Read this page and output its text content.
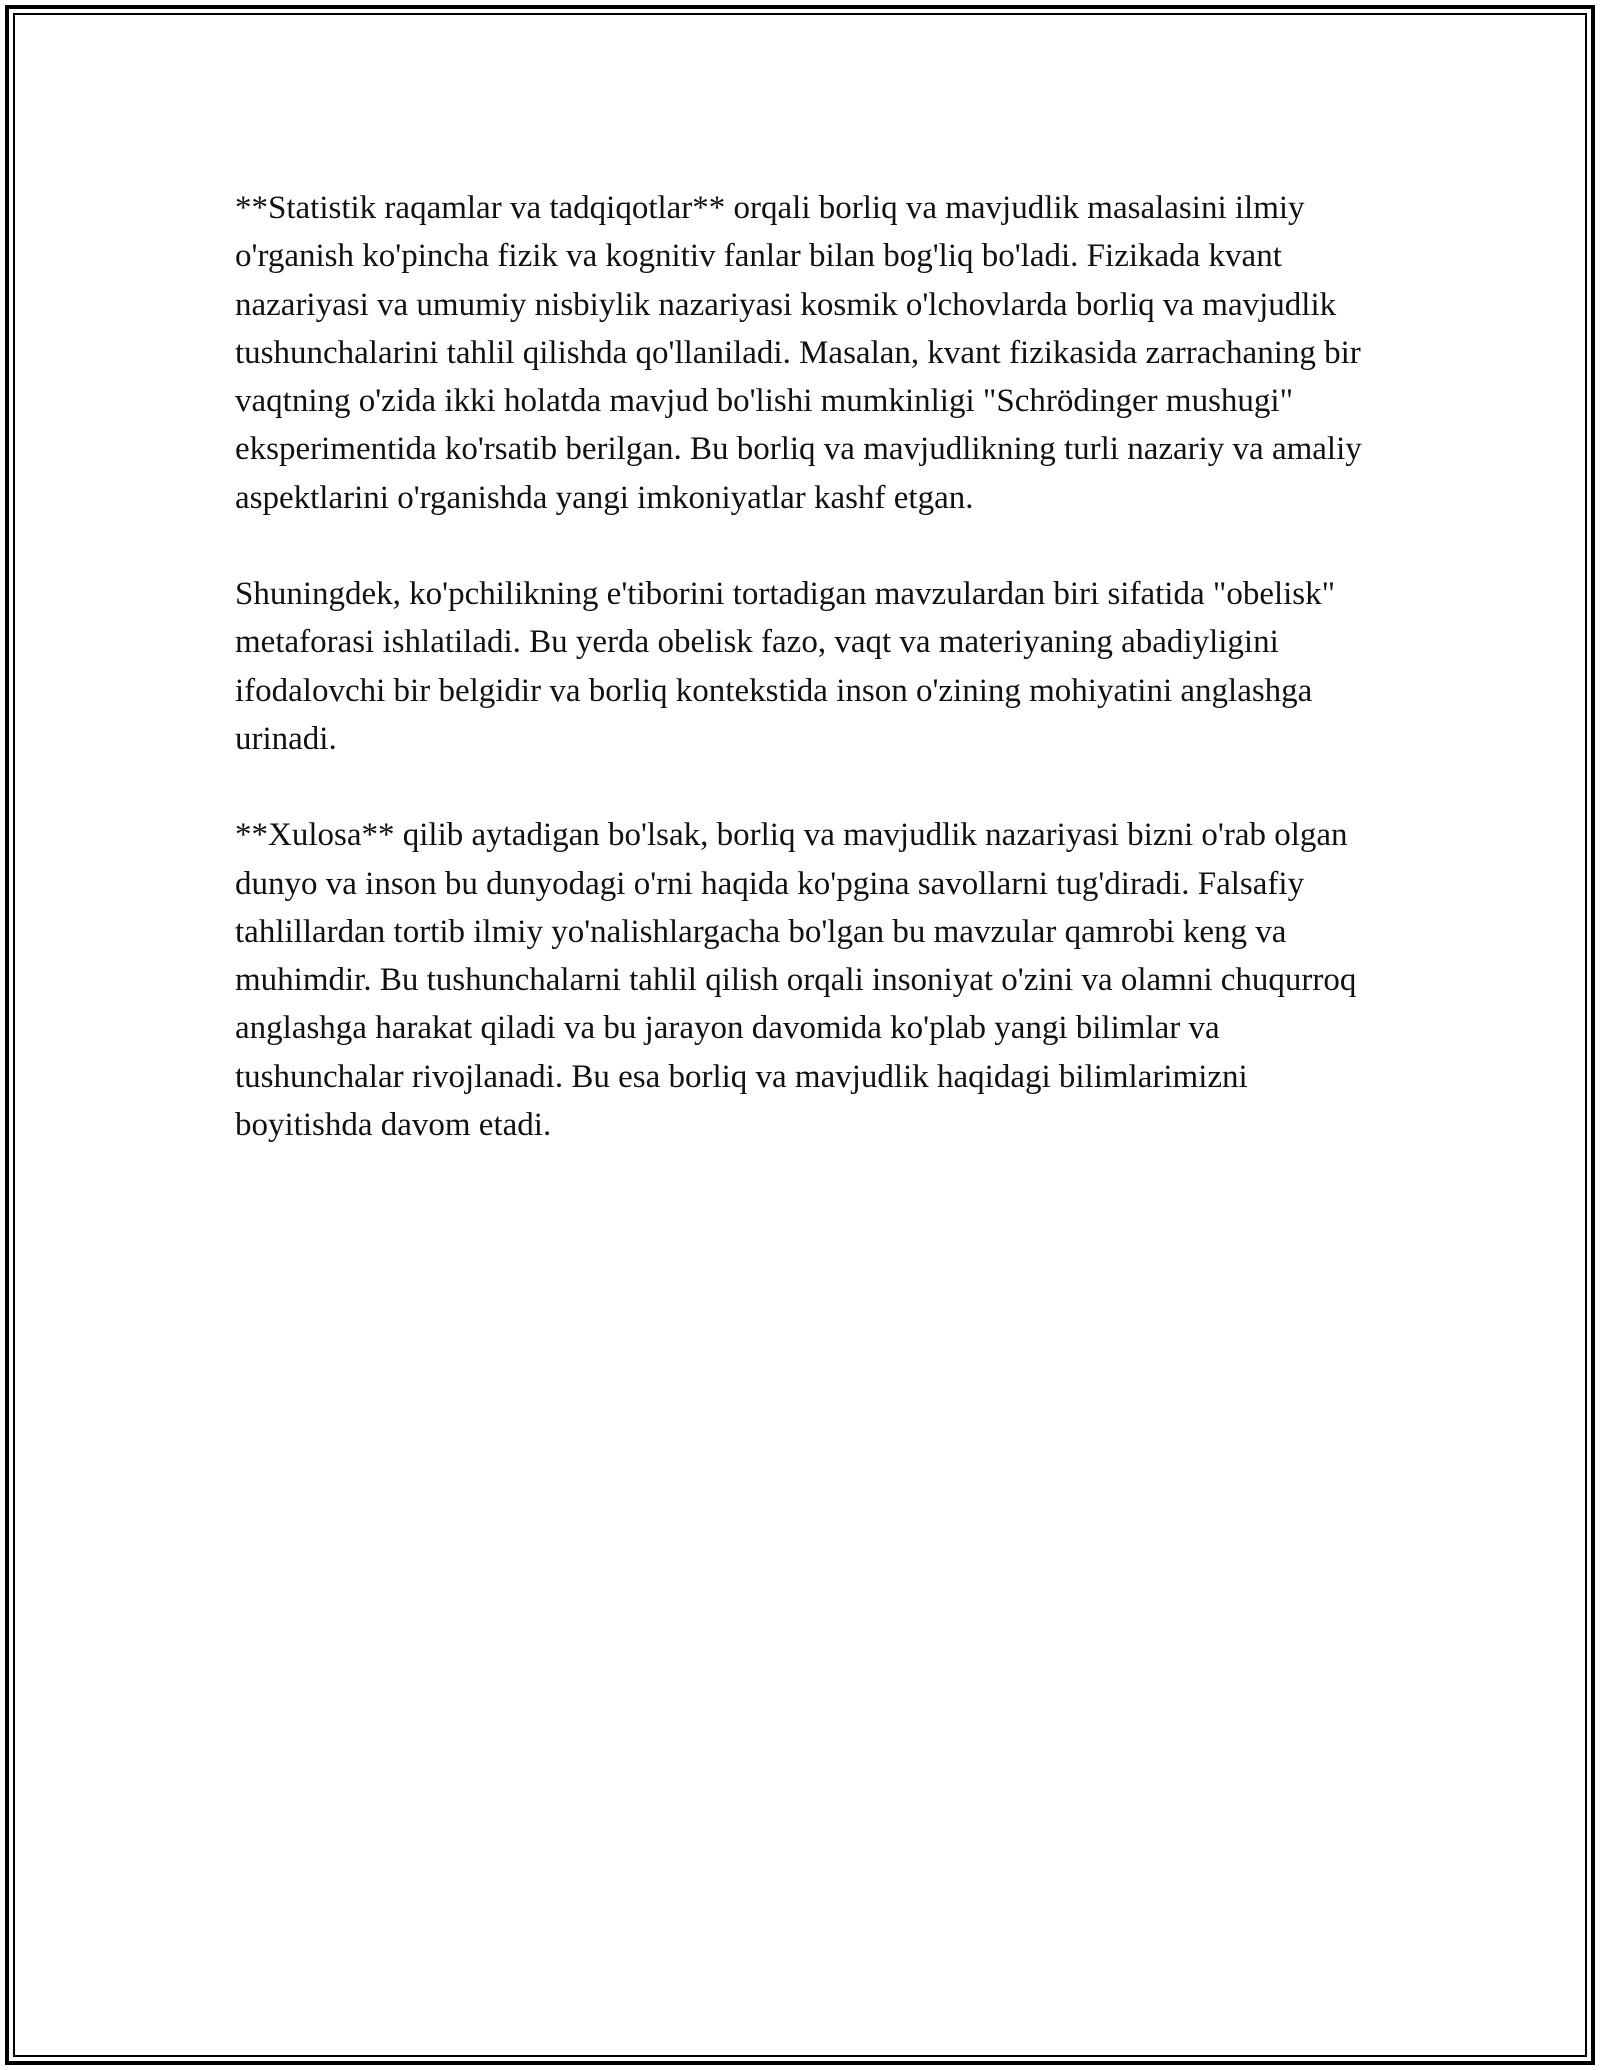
**Statistik raqamlar va tadqiqotlar** orqali borliq va mavjudlik masalasini ilmiy o'rganish ko'pincha fizik va kognitiv fanlar bilan bog'liq bo'ladi. Fizikada kvant nazariyasi va umumiy nisbiylik nazariyasi kosmik o'lchovlarda borliq va mavjudlik tushunchalarini tahlil qilishda qo'llaniladi. Masalan, kvant fizikasida zarrachaning bir vaqtning o'zida ikki holatda mavjud bo'lishi mumkinligi "Schrödinger mushugi" eksperimentida ko'rsatib berilgan. Bu borliq va mavjudlikning turli nazariy va amaliy aspektlarini o'rganishda yangi imkoniyatlar kashf etgan.

Shuningdek, ko'pchilikning e'tiborini tortadigan mavzulardan biri sifatida "obelisk" metaforasi ishlatiladi. Bu yerda obelisk fazo, vaqt va materiyaning abadiyligini ifodalovchi bir belgidir va borliq kontekstida inson o'zining mohiyatini anglashga urinadi.

**Xulosa** qilib aytadigan bo'lsak, borliq va mavjudlik nazariyasi bizni o'rab olgan dunyo va inson bu dunyodagi o'rni haqida ko'pgina savollarni tug'diradi. Falsafiy tahlillardan tortib ilmiy yo'nalishlargacha bo'lgan bu mavzular qamrobi keng va muhimdir. Bu tushunchalarni tahlil qilish orqali insoniyat o'zini va olamni chuqurroq anglashga harakat qiladi va bu jarayon davomida ko'plab yangi bilimlar va tushunchalar rivojlanadi. Bu esa borliq va mavjudlik haqidagi bilimlarimizni boyitishda davom etadi.
